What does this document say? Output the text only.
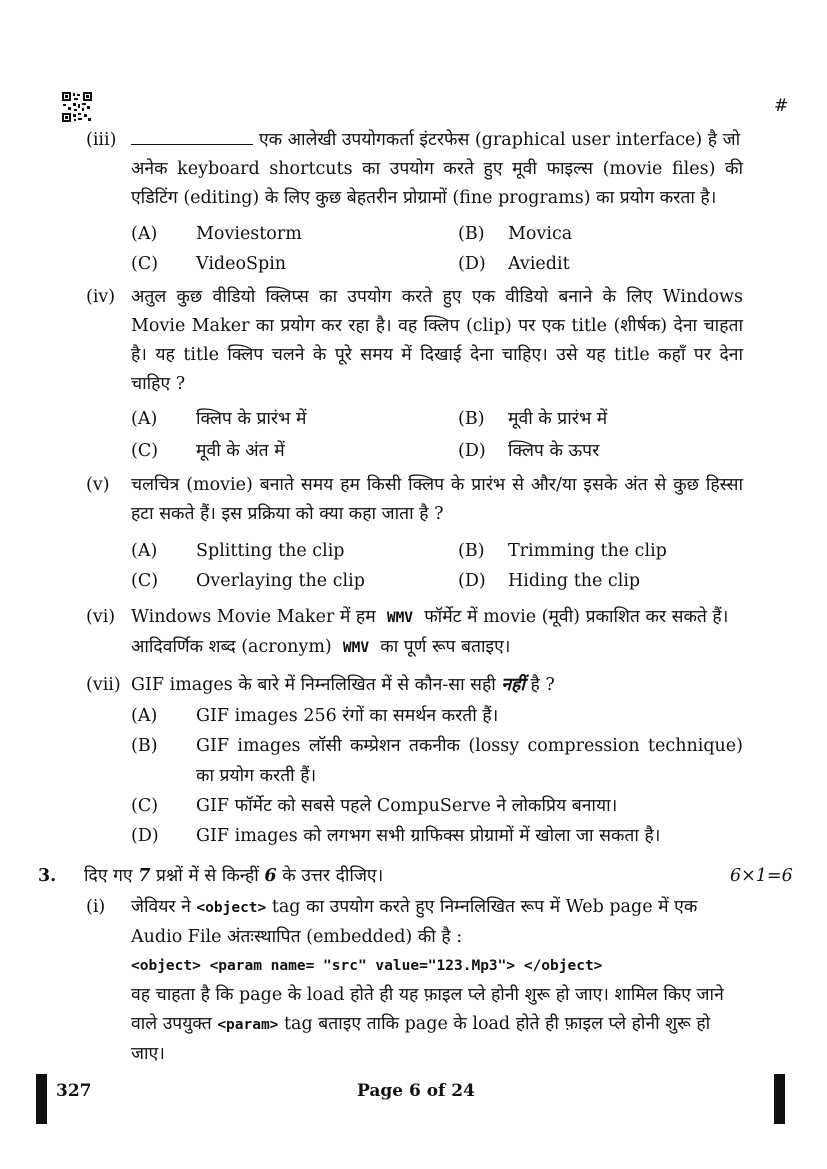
#
(iii)	एक आलेखी उपयोगकर्ता इंटरफेस (graphical user interface) है जो
अनेक keyboard shortcuts का उपयोग करते हुए मूवी फाइल्स (movie files) की
एडिटिंग (editing) के लिए कुछ बेहतरीन प्रोग्रामों (fine programs) का प्रयोग करता है।
(A) Moviestorm	(B) Movica
(C) VideoSpin	(D) Aviedit
(iv) अतुल कुछ वीडियो क्लिप्स का उपयोग करते हुए एक वीडियो बनाने के लिए Windows
Movie Maker का प्रयोग कर रहा है। वह क्लिप (clip) पर एक title (शीर्षक) देना चाहता
है। यह title क्लिप चलने के पूरे समय में दिखाई देना चाहिए। उसे यह title कहाँ पर देना
चाहिए ?
(A) क्लिप के प्रारंभ में	(B) मूवी के प्रारंभ में
(C) मूवी के अंत में	(D) क्लिप के ऊपर
(v)	चलचित्र (movie) बनाते समय हम किसी क्लिप के प्रारंभ से और/या इसके अंत से कुछ हिस्सा
हटा सकते हैं। इस प्रक्रिया को क्या कहा जाता है ?
(A) Splitting the clip	(B) Trimming the clip
(C) Overlaying the clip	(D) Hiding the clip
(vi) Windows Movie Maker में हम WMV फॉर्मेट में movie (मूवी) प्रकाशित कर सकते हैं।
आदिवर्णिक शब्द (acronym) WMV का पूर्ण रूप बताइए।
(vii) GIF images के बारे में निम्नलिखित में से कौन-सा सही नहीं है ?
(A) GIF images 256 रंगों का समर्थन करती हैं।
(B) GIF images लॉसी कम्प्रेशन तकनीक (lossy compression technique)
का प्रयोग करती हैं।
(C) GIF फॉर्मेट को सबसे पहले CompuServe ने लोकप्रिय बनाया।
(D) GIF images को लगभग सभी ग्राफिक्स प्रोग्रामों में खोला जा सकता है।
3.	दिए गए 7 प्रश्नों में से किन्हीं 6 के उत्तर दीजिए।	6×1=6
(i)	जेवियर ने <object> tag का उपयोग करते हुए निम्नलिखित रूप में Web page में एक
Audio File अंतःस्थापित (embedded) की है :
<object> <param name= "src" value="123.Mp3"> </object>
वह चाहता है कि page के load होते ही यह फ़ाइल प्ले होनी शुरू हो जाए। शामिल किए जाने
वाले उपयुक्त <param> tag बताइए ताकि page के load होते ही फ़ाइल प्ले होनी शुरू हो
जाए।
327	Page 6 of 24
